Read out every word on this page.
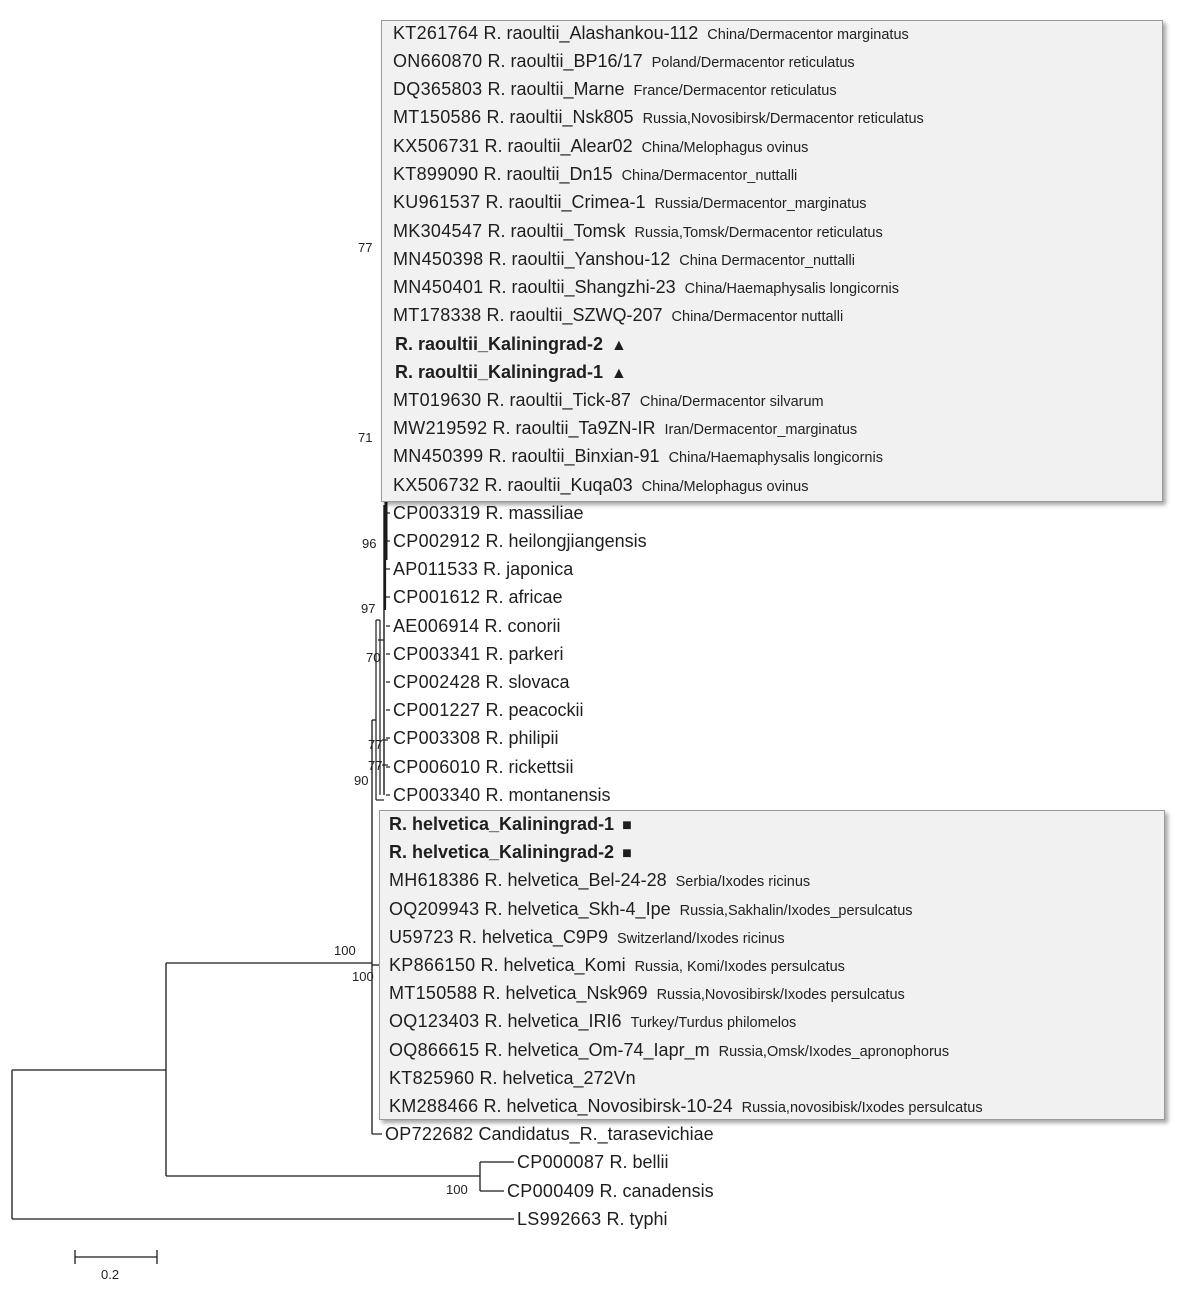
KT261764 R. raoultii_Alashankou-112 China/Dermacentor marginatus
ON660870 R. raoultii_BP16/17 Poland/Dermacentor reticulatus
DQ365803 R. raoultii_Marne France/Dermacentor reticulatus
MT150586 R. raoultii_Nsk805 Russia,Novosibirsk/Dermacentor reticulatus
KX506731 R. raoultii_Alear02 China/Melophagus ovinus
KT899090 R. raoultii_Dn15 China/Dermacentor_nuttalli
KU961537 R. raoultii_Crimea-1 Russia/Dermacentor_marginatus
MK304547 R. raoultii_Tomsk Russia,Tomsk/Dermacentor reticulatus
MN450398 R. raoultii_Yanshou-12 China Dermacentor_nuttalli
MN450401 R. raoultii_Shangzhi-23 China/Haemaphysalis longicornis
MT178338 R. raoultii_SZWQ-207 China/Dermacentor nuttalli
R. raoultii_Kaliningrad-2 ▲
R. raoultii_Kaliningrad-1 ▲
MT019630 R. raoultii_Tick-87 China/Dermacentor silvarum
MW219592 R. raoultii_Ta9ZN-IR Iran/Dermacentor_marginatus
MN450399 R. raoultii_Binxian-91 China/Haemaphysalis longicornis
KX506732 R. raoultii_Kuqa03 China/Melophagus ovinus
CP003319 R. massiliae
CP002912 R. heilongjiangensis
AP011533 R. japonica
CP001612 R. africae
AE006914 R. conorii
CP003341 R. parkeri
CP002428 R. slovaca
CP001227 R. peacockii
CP003308 R. philipii
CP006010 R. rickettsii
CP003340 R. montanensis
R. helvetica_Kaliningrad-1 ■
R. helvetica_Kaliningrad-2 ■
MH618386 R. helvetica_Bel-24-28 Serbia/Ixodes ricinus
OQ209943 R. helvetica_Skh-4_Ipe Russia,Sakhalin/Ixodes_persulcatus
U59723 R. helvetica_C9P9 Switzerland/Ixodes ricinus
KP866150 R. helvetica_Komi Russia, Komi/Ixodes persulcatus
MT150588 R. helvetica_Nsk969 Russia,Novosibirsk/Ixodes persulcatus
OQ123403 R. helvetica_IRI6 Turkey/Turdus philomelos
OQ866615 R. helvetica_Om-74_Iapr_m Russia,Omsk/Ixodes_apronophorus
KT825960 R. helvetica_272Vn
KM288466 R. helvetica_Novosibirsk-10-24 Russia,novosibisk/Ixodes persulcatus
OP722682 Candidatus_R._tarasevichiae
CP000087 R. bellii
CP000409 R. canadensis
LS992663 R. typhi
77
71
96
97
70
77
77
90
100
100
100
0.2
